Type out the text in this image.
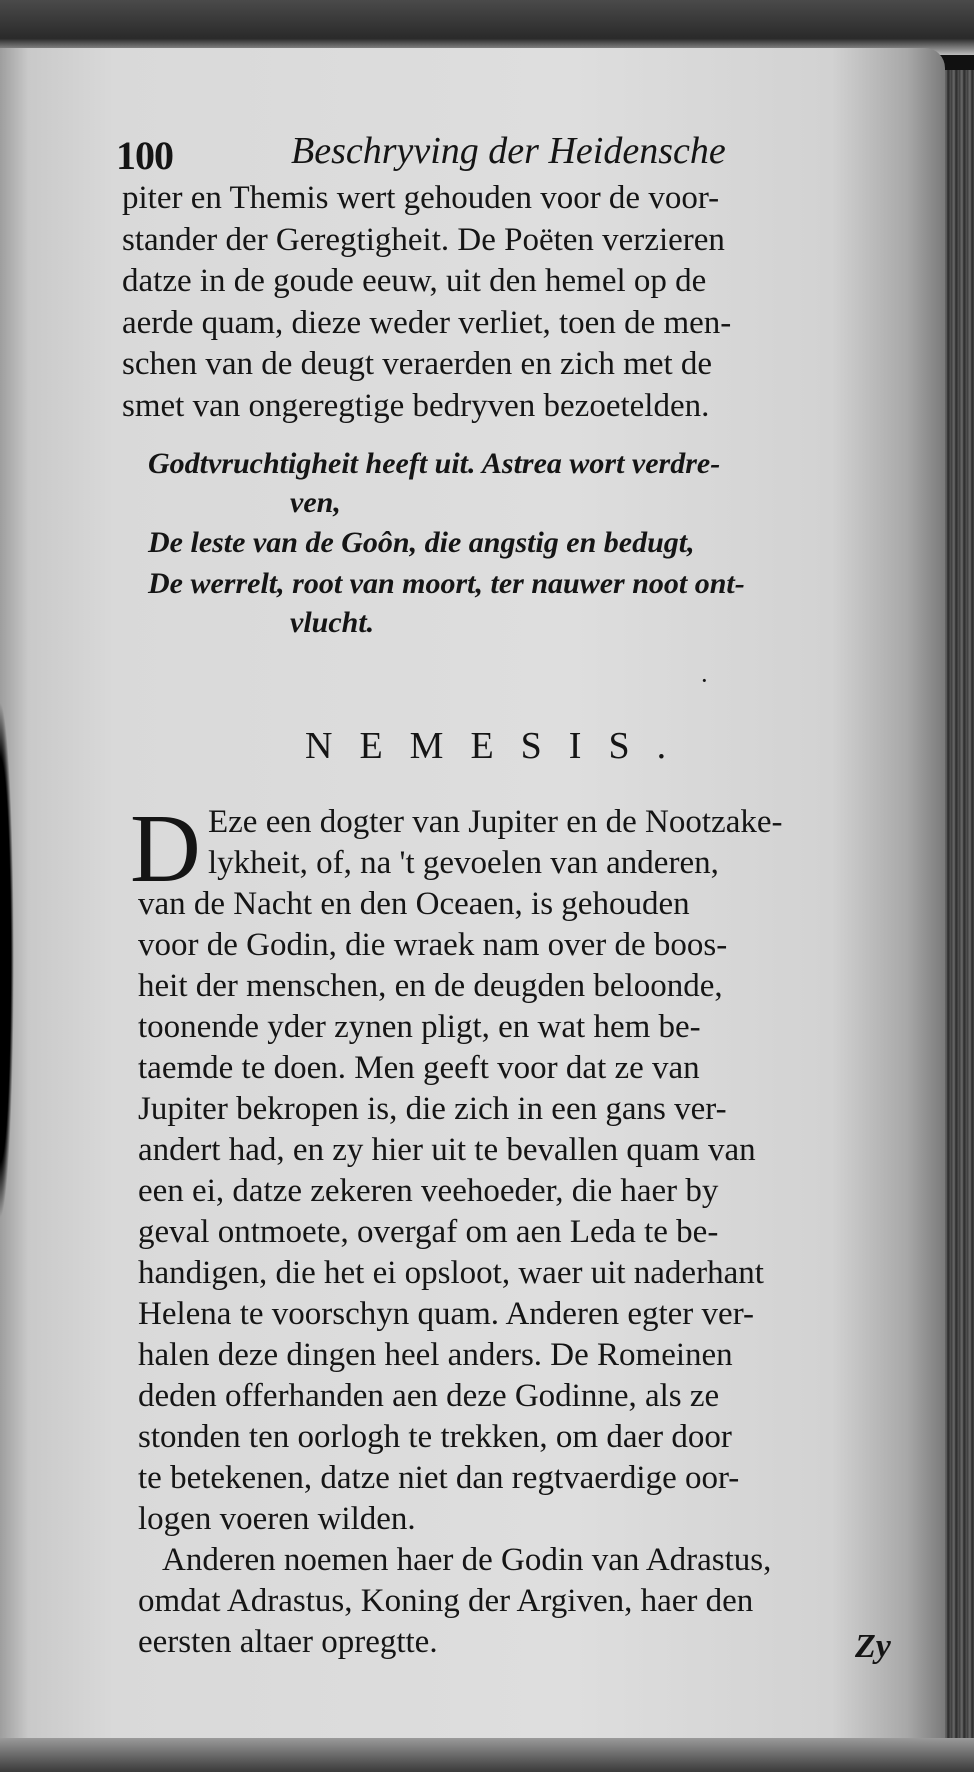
100	Beschryving der Heidensche
piter en Themis wert gehouden voor de voor-
stander der Geregtigheit. De Poëten verzieren
datze in de goude eeuw, uit den hemel op de
aerde quam, dieze weder verliet, toen de men-
schen van de deugt veraerden en zich met de
smet van ongeregtige bedryven bezoetelden.
Godtvruchtigheit heeft uit. Astrea wort verdre-
ven,
De leste van de Goôn, die angstig en bedugt,
De werrelt, root van moort, ter nauwer noot ont-
vlucht.
·
NEMESIS.
D Eze een dogter van Jupiter en de Nootzake-
lykheit, of, na 't gevoelen van anderen,
van de Nacht en den Oceaen, is gehouden
voor de Godin, die wraek nam over de boos-
heit der menschen, en de deugden beloonde,
toonende yder zynen pligt, en wat hem be-
taemde te doen. Men geeft voor dat ze van
Jupiter bekropen is, die zich in een gans ver-
andert had, en zy hier uit te bevallen quam van
een ei, datze zekeren veehoeder, die haer by
geval ontmoete, overgaf om aen Leda te be-
handigen, die het ei opsloot, waer uit naderhant
Helena te voorschyn quam. Anderen egter ver-
halen deze dingen heel anders. De Romeinen
deden offerhanden aen deze Godinne, als ze
stonden ten oorlogh te trekken, om daer door
te betekenen, datze niet dan regtvaerdige oor-
logen voeren wilden.
Anderen noemen haer de Godin van Adrastus,
omdat Adrastus, Koning der Argiven, haer den
eersten altaer opregtte.	Zy
